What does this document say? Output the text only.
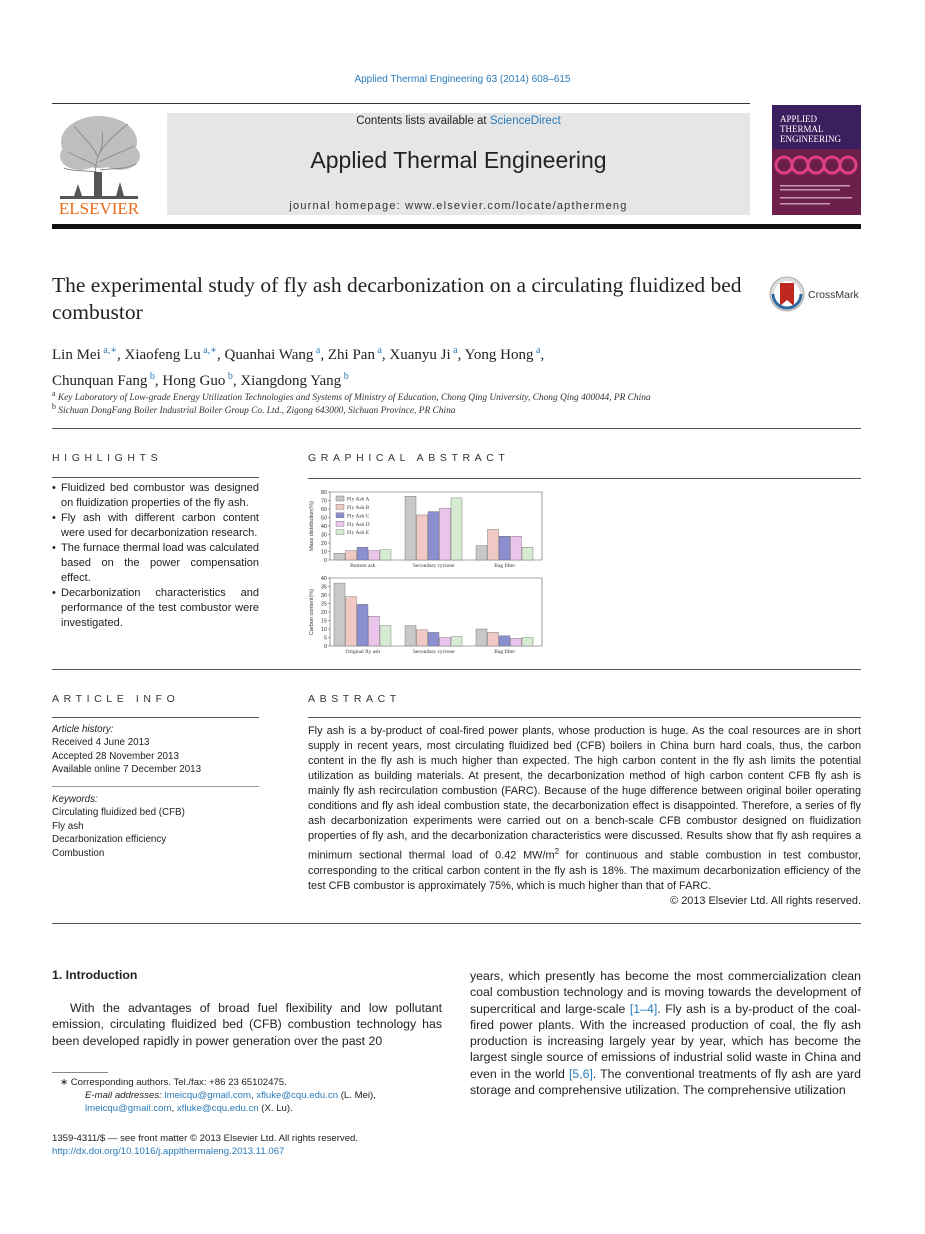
Applied Thermal Engineering 63 (2014) 608–615
ELSEVIER
Contents lists available at ScienceDirect
Applied Thermal Engineering
journal homepage: www.elsevier.com/locate/apthermeng
APPLIED
THERMAL
ENGINEERING
The experimental study of fly ash decarbonization on a circulating fluidized bed combustor
CrossMark
Lin Mei $^{a,∗}$, Xiaofeng Lu $^{a,∗}$, Quanhai Wang $^a$, Zhi Pan $^a$, Xuanyu Ji $^a$, Yong Hong $^a$,
Chunquan Fang $^b$, Hong Guo $^b$, Xiangdong Yang $^b$
$^a$ Key Laboratory of Low-grade Energy Utilization Technologies and Systems of Ministry of Education, Chong Qing University, Chong Qing 400044, PR China
$^b$ Sichuan DongFang Boiler Industrial Boiler Group Co. Ltd., Zigong 643000, Sichuan Province, PR China
HIGHLIGHTS
• Fluidized bed combustor was designed on fluidization properties of the fly ash.
• Fly ash with different carbon content were used for decarbonization research.
• The furnace thermal load was calculated based on the power compensation effect.
• Decarbonization characteristics and performance of the test combustor were investigated.
GRAPHICAL ABSTRACT
0
10
20
30
40
50
60
70
80
Mass distribution(%)
Bottom ash	Secondary cyclone	Bag filter
Fly Ash A
Fly Ash B
Fly Ash C
Fly Ash D
Fly Ash E
0
5
10
15
20
25
30
35
40
Carbon content(%)
Original fly ash	Secondary cyclone	Bag filter
ARTICLE INFO
Article history:
Received 4 June 2013
Accepted 28 November 2013
Available online 7 December 2013
Keywords:
Circulating fluidized bed (CFB)
Fly ash
Decarbonization efficiency
Combustion
ABSTRACT
Fly ash is a by-product of coal-fired power plants, whose production is huge. As the coal resources are in short supply in recent years, most circulating fluidized bed (CFB) boilers in China burn hard coals, thus, the carbon content in the fly ash is much higher than expected. The high carbon content in the fly ash limits the potential utilization as building materials. At present, the decarbonization method of high carbon content CFB fly ash is mainly fly ash recirculation combustion (FARC). Because of the huge difference between original boiler operating conditions and fly ash ideal combustion state, the decarbonization effect is disappointed. Therefore, a series of fly ash decarbonization experiments were carried out on a bench-scale CFB combustor designed on fluidization properties of fly ash, and the decarbonization characteristics were discussed. Results show that fly ash requires a minimum sectional thermal load of 0.42 $MW/m^2$ for continuous and stable combustion in test combustor, corresponding to the critical carbon content in the fly ash is 18%. The maximum decarbonization efficiency of the test CFB combustor is approximately 75%, which is much higher than that of FARC.
© 2013 Elsevier Ltd. All rights reserved.
1. Introduction
With the advantages of broad fuel flexibility and low pollutant emission, circulating fluidized bed (CFB) combustion technology has been developed rapidly in power generation over the past 20
years, which presently has become the most commercialization clean coal combustion technology and is moving towards the development of supercritical and large-scale [1–4]. Fly ash is a by-product of the coal-fired power plants. With the increased production of coal, the fly ash production is increasing largely year by year, which has become the largest single source of emissions of industrial solid waste in China and even in the world [5,6]. The conventional treatments of fly ash are yard storage and comprehensive utilization. The comprehensive utilization
∗ Corresponding authors. Tel./fax: +86 23 65102475.
E-mail addresses: lmeicqu@gmail.com, xfluke@cqu.edu.cn (L. Mei), lmeicqu@gmail.com, xfluke@cqu.edu.cn (X. Lu).
1359-4311/$ — see front matter © 2013 Elsevier Ltd. All rights reserved.
http://dx.doi.org/10.1016/j.applthermaleng.2013.11.067
